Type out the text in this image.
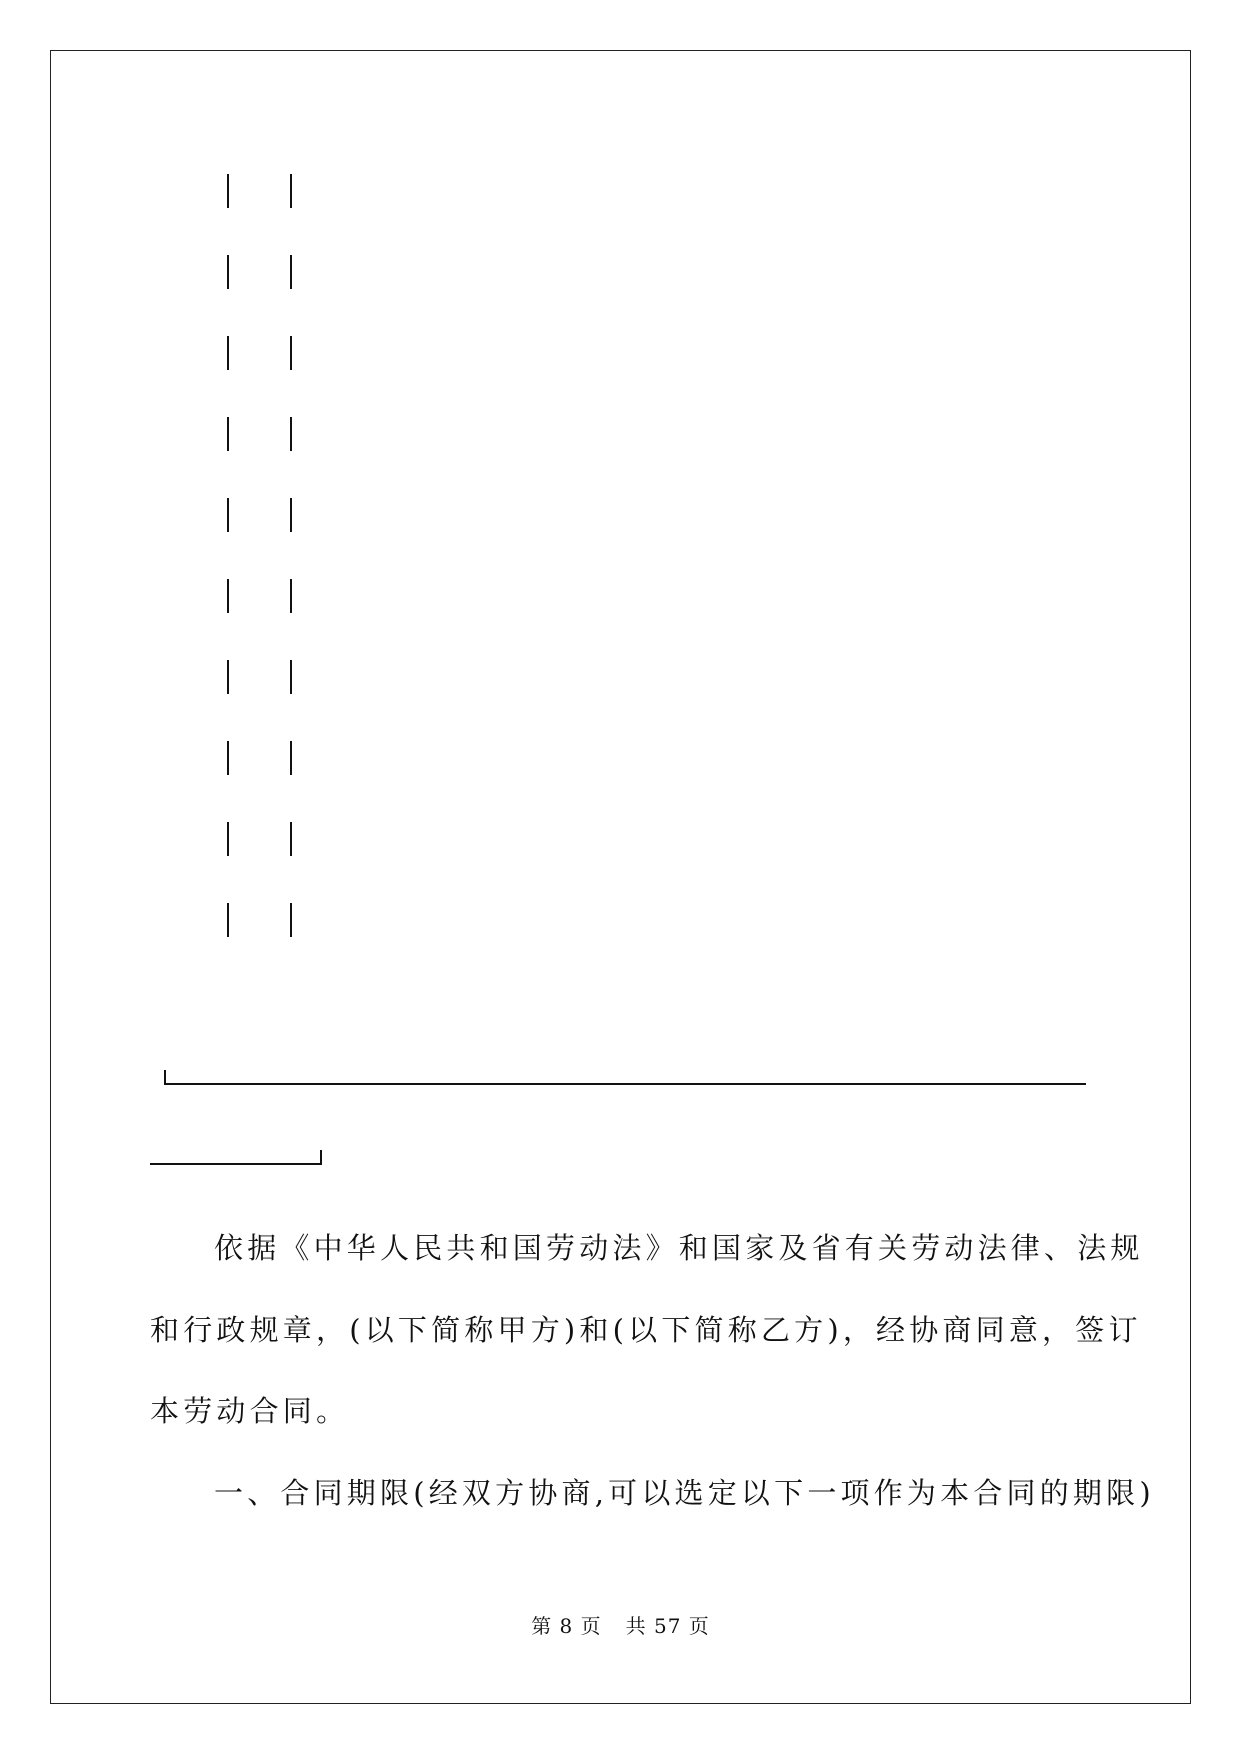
依据《中华人民共和国劳动法》和国家及省有关劳动法律、法规
和行政规章，(以下简称甲方)和(以下简称乙方)，经协商同意，签订
本劳动合同。
一、合同期限(经双方协商,可以选定以下一项作为本合同的期限)
第 8 页 共 57 页
